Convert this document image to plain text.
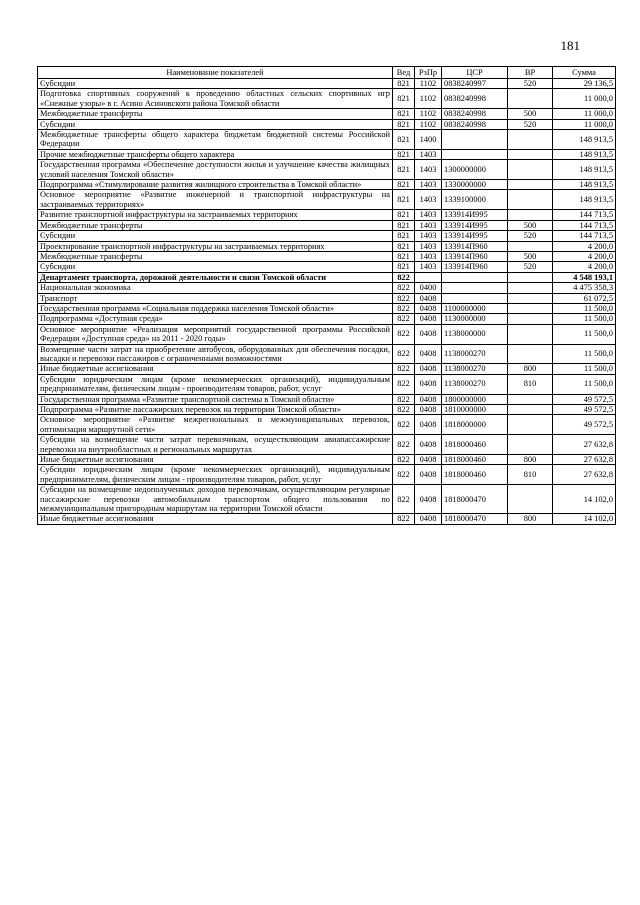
181
Наименование показателей	Вед	РзПр	ЦСР	ВР	Сумма
Субсидии	821	1102	0838240997	520	29 136,5
Подготовка спортивных сооружений к проведению областных сельских спортивных игр «Снежные узоры» в г. Асино Асиновского района Томской области	821	1102	0838240998		11 000,0
Межбюджетные трансферты	821	1102	0838240998	500	11 000,0
Субсидии	821	1102	0838240998	520	11 000,0
Межбюджетные трансферты общего характера бюджетам бюджетной системы Российской Федерации	821	1400			148 913,5
Прочие межбюджетные трансферты общего характера	821	1403			148 913,5
Государственная программа «Обеспечение доступности жилья и улучшение качества жилищных условий населения Томской области»	821	1403	1300000000		148 913,5
Подпрограмма «Стимулирование развития жилищного строительства в Томской области»	821	1403	1330000000		148 913,5
Основное мероприятие «Развитие инженерной и транспортной инфраструктуры на застраиваемых территориях»	821	1403	1339100000		148 913,5
Развитие транспортной инфраструктуры на застраиваемых территориях	821	1403	133914И995		144 713,5
Межбюджетные трансферты	821	1403	133914И995	500	144 713,5
Субсидии	821	1403	133914И995	520	144 713,5
Проектирование транспортной инфраструктуры на застраиваемых территориях	821	1403	133914П960		4 200,0
Межбюджетные трансферты	821	1403	133914П960	500	4 200,0
Субсидии	821	1403	133914П960	520	4 200,0
Департамент транспорта, дорожной деятельности и связи Томской области	822				4 548 193,1
Национальная экономика	822	0400			4 475 358,3
Транспорт	822	0408			61 072,5
Государственная программа «Социальная поддержка населения Томской области»	822	0408	1100000000		11 500,0
Подпрограмма «Доступная среда»	822	0408	1130000000		11 500,0
Основное мероприятие «Реализация мероприятий государственной программы Российской Федерации «Доступная среда» на 2011 - 2020 годы»	822	0408	1138000000		11 500,0
Возмещение части затрат на приобретение автобусов, оборудованных для обеспечения посадки, высадки и перевозки пассажиров с ограниченными возможностями	822	0408	1138000270		11 500,0
Иные бюджетные ассигнования	822	0408	1138000270	800	11 500,0
Субсидии юридическим лицам (кроме некоммерческих организаций), индивидуальным предпринимателям, физическим лицам - производителям товаров, работ, услуг	822	0408	1138000270	810	11 500,0
Государственная программа «Развитие транспортной системы в Томской области»	822	0408	1800000000		49 572,5
Подпрограмма «Развитие пассажирских перевозок на территории Томской области»	822	0408	1810000000		49 572,5
Основное мероприятие «Развитие межрегиональных и межмуниципальных перевозок, оптимизация маршрутной сети»	822	0408	1818000000		49 572,5
Субсидии на возмещение части затрат перевозчикам, осуществляющим авиапассажирские перевозки на внутриобластных и региональных маршрутах	822	0408	1818000460		27 632,8
Иные бюджетные ассигнования	822	0408	1818000460	800	27 632,8
Субсидии юридическим лицам (кроме некоммерческих организаций), индивидуальным предпринимателям, физическим лицам - производителям товаров, работ, услуг	822	0408	1818000460	810	27 632,8
Субсидии на возмещение недополученных доходов перевозчикам, осуществляющим регулярные пассажирские перевозки автомобильным транспортом общего пользования по межмуниципальным пригородным маршрутам на территории Томской области	822	0408	1818000470		14 102,0
Иные бюджетные ассигнования	822	0408	1818000470	800	14 102,0
